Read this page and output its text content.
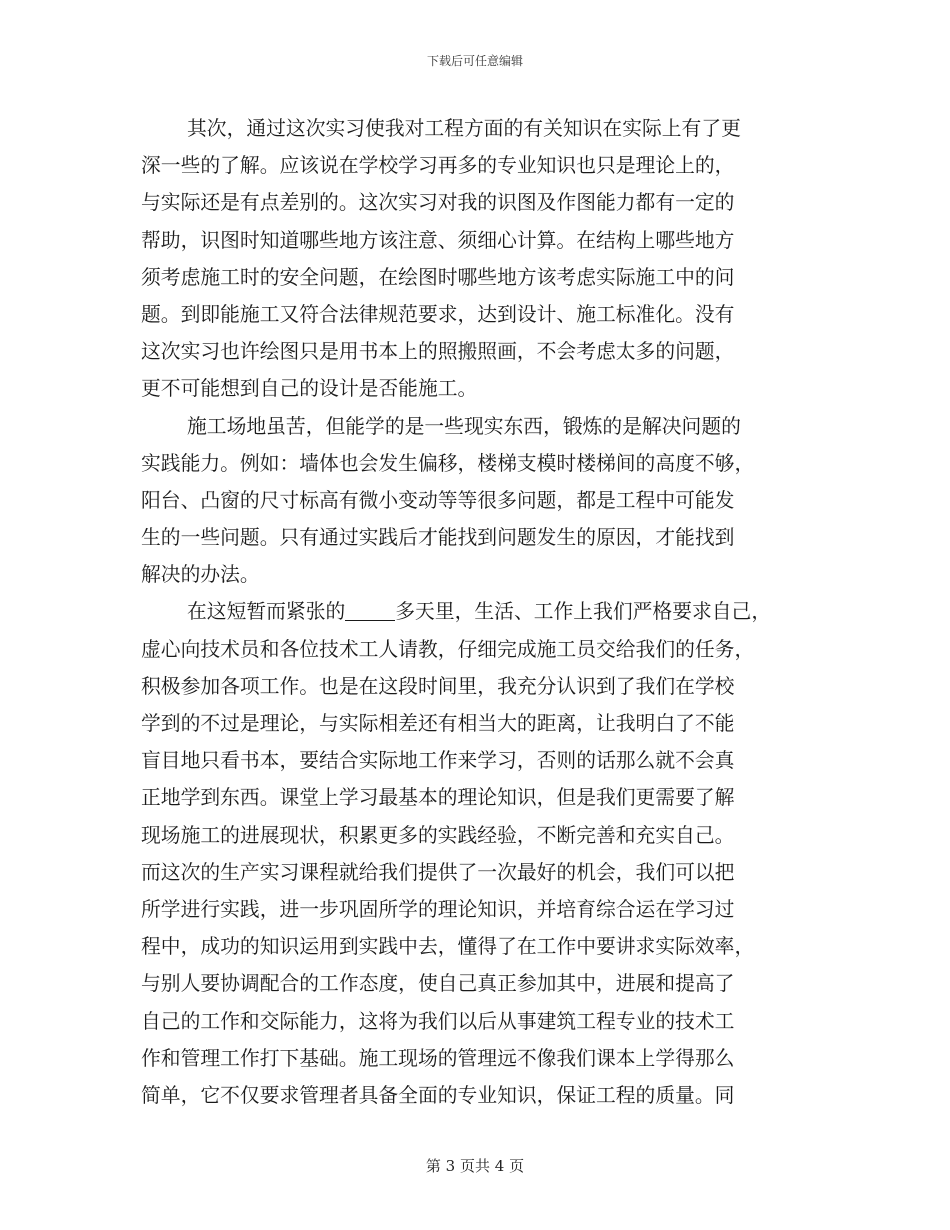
下载后可任意编辑
其次，通过这次实习使我对工程方面的有关知识在实际上有了更
深一些的了解。应该说在学校学习再多的专业知识也只是理论上的，
与实际还是有点差别的。这次实习对我的识图及作图能力都有一定的
帮助，识图时知道哪些地方该注意、须细心计算。在结构上哪些地方
须考虑施工时的安全问题，在绘图时哪些地方该考虑实际施工中的问
题。到即能施工又符合法律规范要求，达到设计、施工标准化。没有
这次实习也许绘图只是用书本上的照搬照画，不会考虑太多的问题，
更不可能想到自己的设计是否能施工。
施工场地虽苦，但能学的是一些现实东西，锻炼的是解决问题的
实践能力。例如：墙体也会发生偏移，楼梯支模时楼梯间的高度不够，
阳台、凸窗的尺寸标高有微小变动等等很多问题，都是工程中可能发
生的一些问题。只有通过实践后才能找到问题发生的原因，才能找到
解决的办法。
在这短暂而紧张的	多天里，生活、工作上我们严格要求自己，
虚心向技术员和各位技术工人请教，仔细完成施工员交给我们的任务，
积极参加各项工作。也是在这段时间里，我充分认识到了我们在学校
学到的不过是理论，与实际相差还有相当大的距离，让我明白了不能
盲目地只看书本，要结合实际地工作来学习，否则的话那么就不会真
正地学到东西。课堂上学习最基本的理论知识，但是我们更需要了解
现场施工的进展现状，积累更多的实践经验，不断完善和充实自己。
而这次的生产实习课程就给我们提供了一次最好的机会，我们可以把
所学进行实践，进一步巩固所学的理论知识，并培育综合运在学习过
程中，成功的知识运用到实践中去，懂得了在工作中要讲求实际效率，
与别人要协调配合的工作态度，使自己真正参加其中，进展和提高了
自己的工作和交际能力，这将为我们以后从事建筑工程专业的技术工
作和管理工作打下基础。施工现场的管理远不像我们课本上学得那么
简单，它不仅要求管理者具备全面的专业知识，保证工程的质量。同
第 3 页共 4 页
